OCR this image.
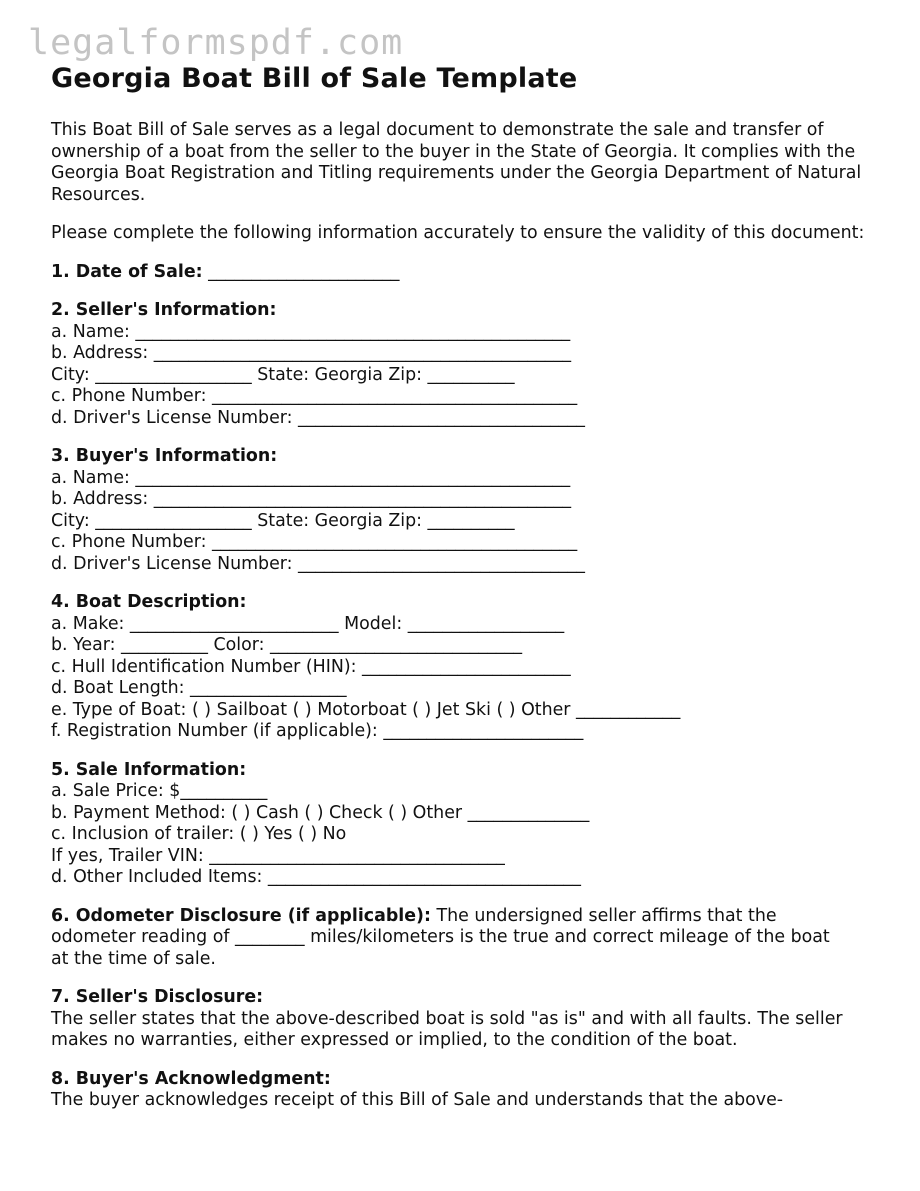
legalformspdf.com
Georgia Boat Bill of Sale Template

This Boat Bill of Sale serves as a legal document to demonstrate the sale and transfer of ownership of a boat from the seller to the buyer in the State of Georgia. It complies with the Georgia Boat Registration and Titling requirements under the Georgia Department of Natural Resources.

Please complete the following information accurately to ensure the validity of this document:

1. Date of Sale: ______________________
2. Seller's Information:
a. Name: __________________________________________________
b. Address: ________________________________________________
City: __________________ State: Georgia Zip: __________
c. Phone Number: __________________________________________
d. Driver's License Number: _________________________________
3. Buyer's Information:
a. Name: __________________________________________________
b. Address: ________________________________________________
City: __________________ State: Georgia Zip: __________
c. Phone Number: __________________________________________
d. Driver's License Number: _________________________________
4. Boat Description:
a. Make: ________________________ Model: __________________
b. Year: __________ Color: _____________________________
c. Hull Identification Number (HIN): ________________________
d. Boat Length: __________________
e. Type of Boat: ( ) Sailboat ( ) Motorboat ( ) Jet Ski ( ) Other ____________
f. Registration Number (if applicable): _______________________
5. Sale Information:
a. Sale Price: $__________
b. Payment Method: ( ) Cash ( ) Check ( ) Other ______________
c. Inclusion of trailer: ( ) Yes ( ) No
If yes, Trailer VIN: __________________________________
d. Other Included Items: ____________________________________
6. Odometer Disclosure (if applicable): The undersigned seller affirms that the
odometer reading of ________ miles/kilometers is the true and correct mileage of the boat
at the time of sale.
7. Seller's Disclosure:
The seller states that the above-described boat is sold "as is" and with all faults. The seller
makes no warranties, either expressed or implied, to the condition of the boat.
8. Buyer's Acknowledgment:
The buyer acknowledges receipt of this Bill of Sale and understands that the above-
